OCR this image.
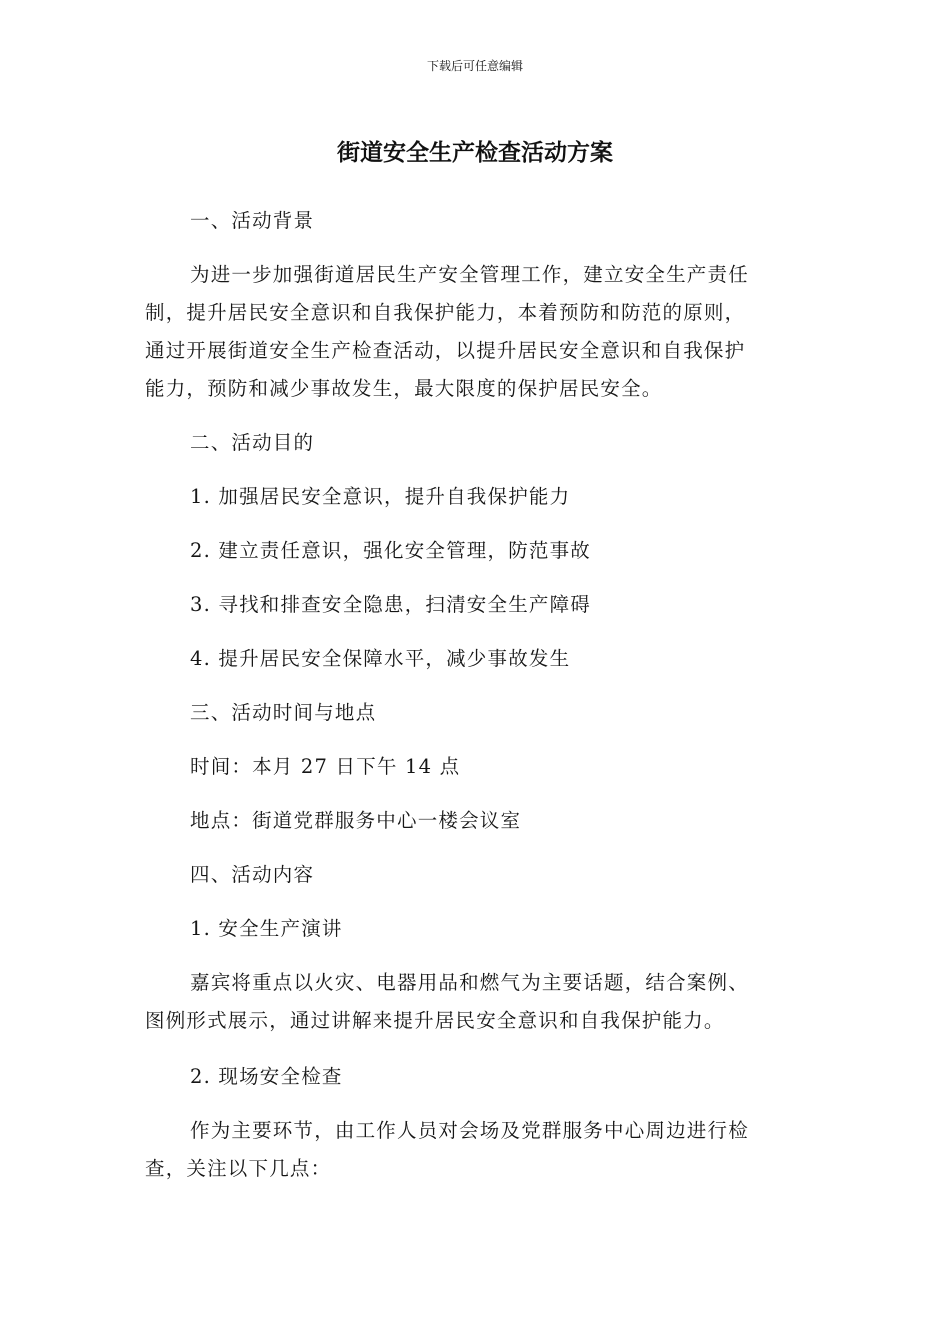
下载后可任意编辑
街道安全生产检查活动方案
一、活动背景
为进一步加强街道居民生产安全管理工作，建立安全生产责任
制，提升居民安全意识和自我保护能力，本着预防和防范的原则，
通过开展街道安全生产检查活动，以提升居民安全意识和自我保护
能力，预防和减少事故发生，最大限度的保护居民安全。
二、活动目的
1. 加强居民安全意识，提升自我保护能力
2. 建立责任意识，强化安全管理，防范事故
3. 寻找和排查安全隐患，扫清安全生产障碍
4. 提升居民安全保障水平，减少事故发生
三、活动时间与地点
时间：本月 27 日下午 14 点
地点：街道党群服务中心一楼会议室
四、活动内容
1. 安全生产演讲
嘉宾将重点以火灾、电器用品和燃气为主要话题，结合案例、
图例形式展示，通过讲解来提升居民安全意识和自我保护能力。
2. 现场安全检查
作为主要环节，由工作人员对会场及党群服务中心周边进行检
查，关注以下几点：
